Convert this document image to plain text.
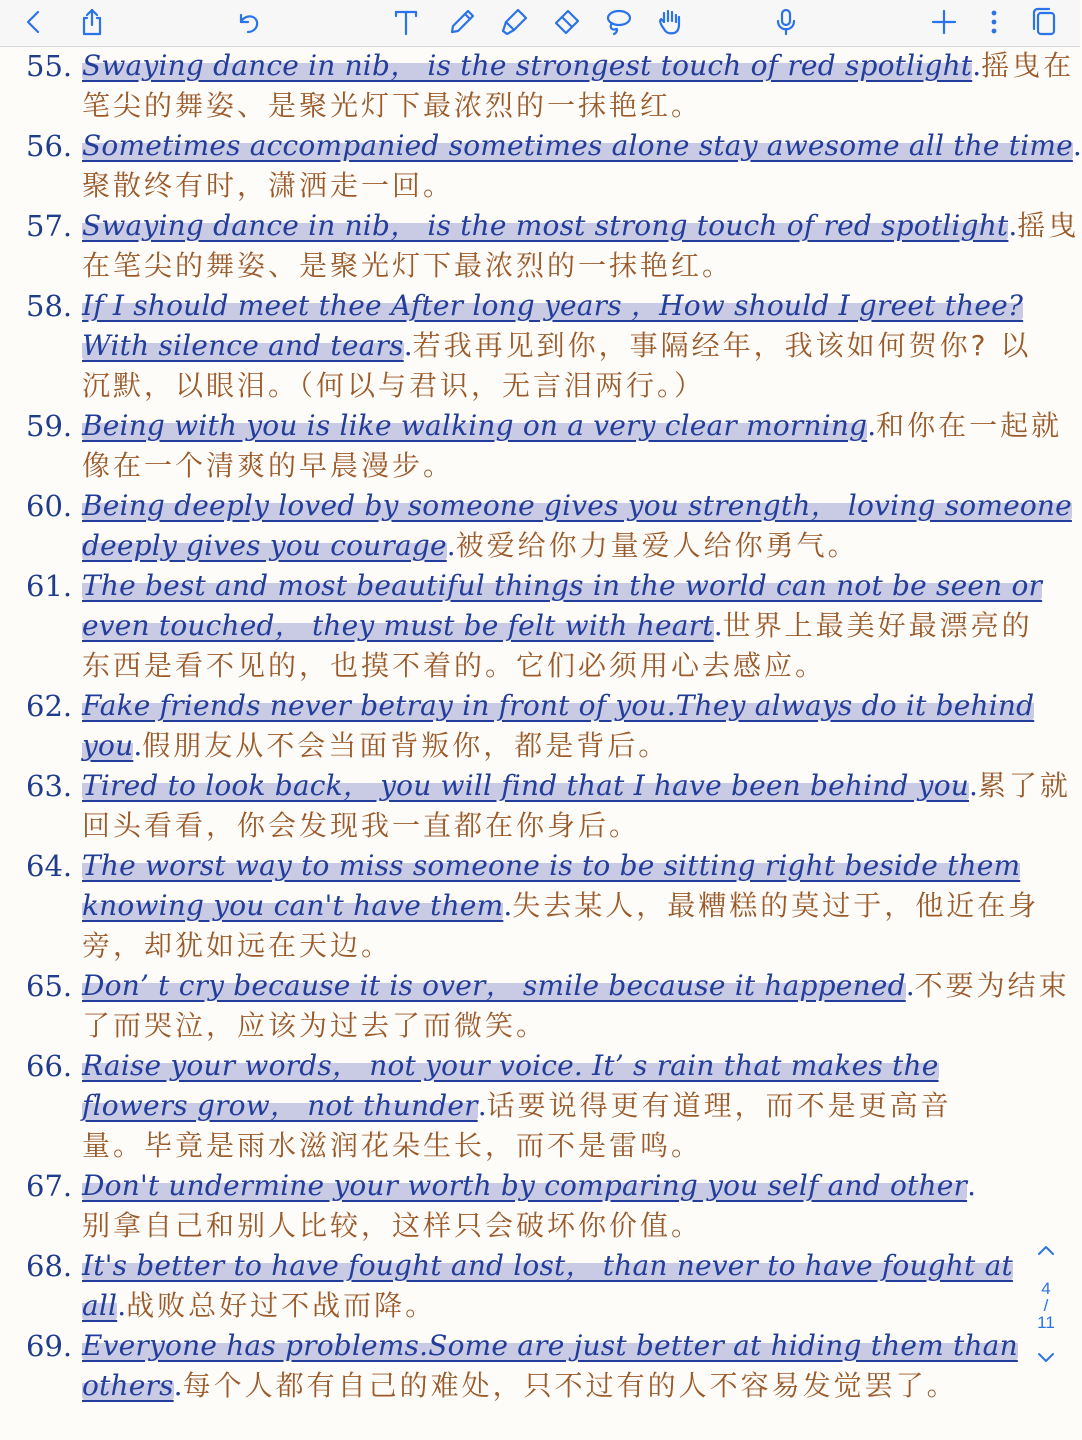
55. Swaying dance in nib， is the strongest touch of red spotlight.摇曳在
笔尖的舞姿、是聚光灯下最浓烈的一抹艳红。
56. Sometimes accompanied sometimes alone stay awesome all the time.
聚散终有时，潇洒走一回。
57. Swaying dance in nib， is the most strong touch of red spotlight.摇曳
在笔尖的舞姿、是聚光灯下最浓烈的一抹艳红。
58. If I should meet thee After long years ，How should I greet thee?
With silence and tears.若我再见到你，事隔经年，我该如何贺你? 以
沉默，以眼泪。（何以与君识，无言泪两行。）
59. Being with you is like walking on a very clear morning.和你在一起就
像在一个清爽的早晨漫步。
60. Being deeply loved by someone gives you strength， loving someone
deeply gives you courage.被爱给你力量爱人给你勇气。
61. The best and most beautiful things in the world can not be seen or
even touched， they must be felt with heart.世界上最美好最漂亮的
东西是看不见的，也摸不着的。它们必须用心去感应。
62. Fake friends never betray in front of you.They always do it behind
you.假朋友从不会当面背叛你，都是背后。
63. Tired to look back， you will find that I have been behind you.累了就
回头看看，你会发现我一直都在你身后。
64. The worst way to miss someone is to be sitting right beside them
knowing you can't have them.失去某人，最糟糕的莫过于，他近在身
旁，却犹如远在天边。
65. Don’ t cry because it is over， smile because it happened.不要为结束
了而哭泣，应该为过去了而微笑。
66. Raise your words， not your voice. It’ s rain that makes the
flowers grow， not thunder.话要说得更有道理，而不是更高音
量。毕竟是雨水滋润花朵生长，而不是雷鸣。
67. Don't undermine your worth by comparing you self and other.
别拿自己和别人比较，这样只会破坏你价值。
68. It's better to have fought and lost， than never to have fought at
all.战败总好过不战而降。
69. Everyone has problems.Some are just better at hiding them than
others.每个人都有自己的难处，只不过有的人不容易发觉罢了。
4
/
11
